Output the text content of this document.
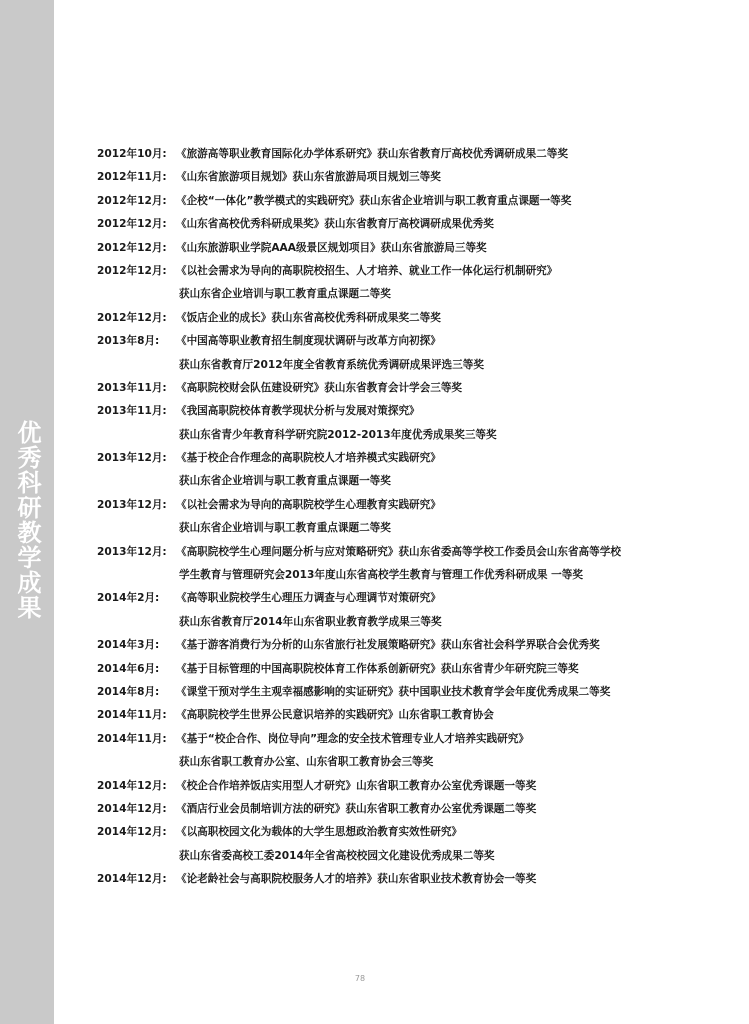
优秀科研教学成果
2012年10月: 《旅游高等职业教育国际化办学体系研究》获山东省教育厅高校优秀调研成果二等奖
2012年11月: 《山东省旅游项目规划》获山东省旅游局项目规划三等奖
2012年12月: 《企校“一体化”教学模式的实践研究》获山东省企业培训与职工教育重点课题一等奖
2012年12月: 《山东省高校优秀科研成果奖》获山东省教育厅高校调研成果优秀奖
2012年12月: 《山东旅游职业学院AAA级景区规划项目》获山东省旅游局三等奖
2012年12月: 《以社会需求为导向的高职院校招生、人才培养、就业工作一体化运行机制研究》
获山东省企业培训与职工教育重点课题二等奖
2012年12月: 《饭店企业的成长》获山东省高校优秀科研成果奖二等奖
2013年8月:	《中国高等职业教育招生制度现状调研与改革方向初探》
获山东省教育厅2012年度全省教育系统优秀调研成果评选三等奖
2013年11月: 《高职院校财会队伍建设研究》获山东省教育会计学会三等奖
2013年11月: 《我国高职院校体育教学现状分析与发展对策探究》
获山东省青少年教育科学研究院2012-2013年度优秀成果奖三等奖
2013年12月: 《基于校企合作理念的高职院校人才培养模式实践研究》
获山东省企业培训与职工教育重点课题一等奖
2013年12月: 《以社会需求为导向的高职院校学生心理教育实践研究》
获山东省企业培训与职工教育重点课题二等奖
2013年12月: 《高职院校学生心理问题分析与应对策略研究》获山东省委高等学校工作委员会山东省高等学校
学生教育与管理研究会2013年度山东省高校学生教育与管理工作优秀科研成果 一等奖
2014年2月:	《高等职业院校学生心理压力调查与心理调节对策研究》
获山东省教育厅2014年山东省职业教育教学成果三等奖
2014年3月:	《基于游客消费行为分析的山东省旅行社发展策略研究》获山东省社会科学界联合会优秀奖
2014年6月:	《基于目标管理的中国高职院校体育工作体系创新研究》获山东省青少年研究院三等奖
2014年8月:	《课堂干预对学生主观幸福感影响的实证研究》获中国职业技术教育学会年度优秀成果二等奖
2014年11月: 《高职院校学生世界公民意识培养的实践研究》山东省职工教育协会
2014年11月: 《基于“校企合作、岗位导向”理念的安全技术管理专业人才培养实践研究》
获山东省职工教育办公室、山东省职工教育协会三等奖
2014年12月: 《校企合作培养饭店实用型人才研究》山东省职工教育办公室优秀课题一等奖
2014年12月: 《酒店行业会员制培训方法的研究》获山东省职工教育办公室优秀课题二等奖
2014年12月: 《以高职校园文化为载体的大学生思想政治教育实效性研究》
获山东省委高校工委2014年全省高校校园文化建设优秀成果二等奖
2014年12月: 《论老龄社会与高职院校服务人才的培养》获山东省职业技术教育协会一等奖
78
